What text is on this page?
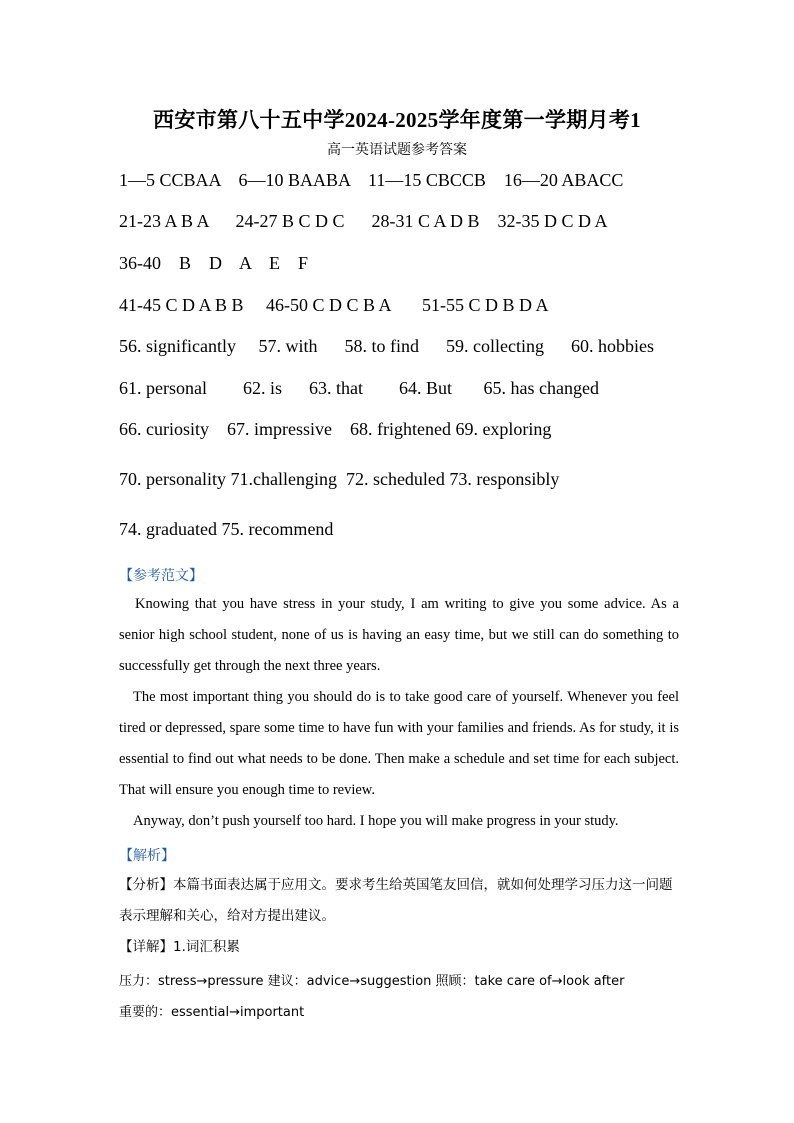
西安市第八十五中学2024-2025学年度第一学期月考1
高一英语试题参考答案

1—5 CCBAA    6—10 BAABA    11—15 CBCCB    16—20 ABACC

21-23 A B A      24-27 B C D C      28-31 C A D B    32-35 D C D A

36-40    B    D    A    E    F

41-45 C D A B B     46-50 C D C B A       51-55 C D B D A

56. significantly     57. with      58. to find      59. collecting      60. hobbies

61. personal        62. is      63. that        64. But       65. has changed

66. curiosity    67. impressive    68. frightened 69. exploring

70. personality 71.challenging  72. scheduled 73. responsibly

74. graduated 75. recommend

【参考范文】

Knowing that you have stress in your study, I am writing to give you some advice. As a senior high school student, none of us is having an easy time, but we still can do something to successfully get through the next three years.

The most important thing you should do is to take good care of yourself. Whenever you feel tired or depressed, spare some time to have fun with your families and friends. As for study, it is essential to find out what needs to be done. Then make a schedule and set time for each subject. That will ensure you enough time to review.

Anyway, don’t push yourself too hard. I hope you will make progress in your study.

【解析】

【分析】本篇书面表达属于应用文。要求考生给英国笔友回信，就如何处理学习压力这一问题表示理解和关心，给对方提出建议。

【详解】1.词汇积累

压力：stress→pressure 建议：advice→suggestion 照顾：take care of→look after
重要的：essential→important
